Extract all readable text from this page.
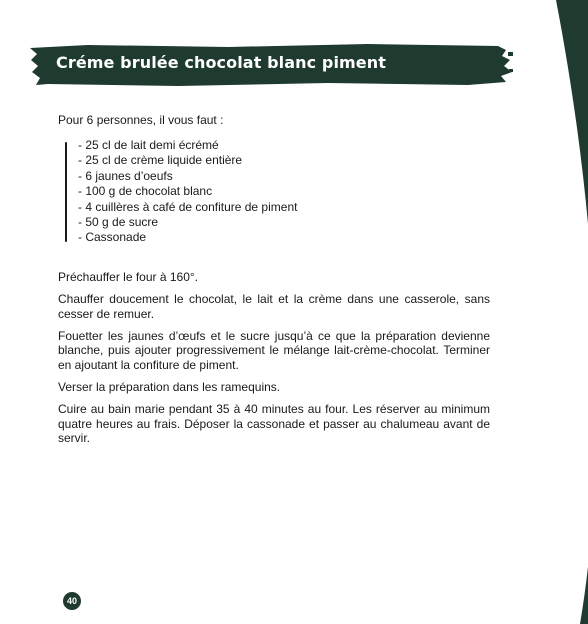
Créme brulée chocolat blanc piment
Pour 6 personnes, il vous faut :
- 25 cl de lait demi écrémé
- 25 cl de crème liquide entière
- 6 jaunes d’oeufs
- 100 g de chocolat blanc
- 4 cuillères à café de confiture de piment
- 50 g de sucre
- Cassonade

Préchauffer le four à 160°.

Chauffer doucement le chocolat, le lait et la crème dans une casserole, sans cesser de remuer.

Fouetter les jaunes d’œufs et le sucre jusqu’à ce que la préparation devienne blanche, puis ajouter progressivement le mélange lait-crème-chocolat. Terminer en ajoutant la confiture de piment.

Verser la préparation dans les ramequins.

Cuire au bain marie pendant 35 à 40 minutes au four. Les réserver au minimum quatre heures au frais. Déposer la cassonade et passer au chalumeau avant de servir.

40
